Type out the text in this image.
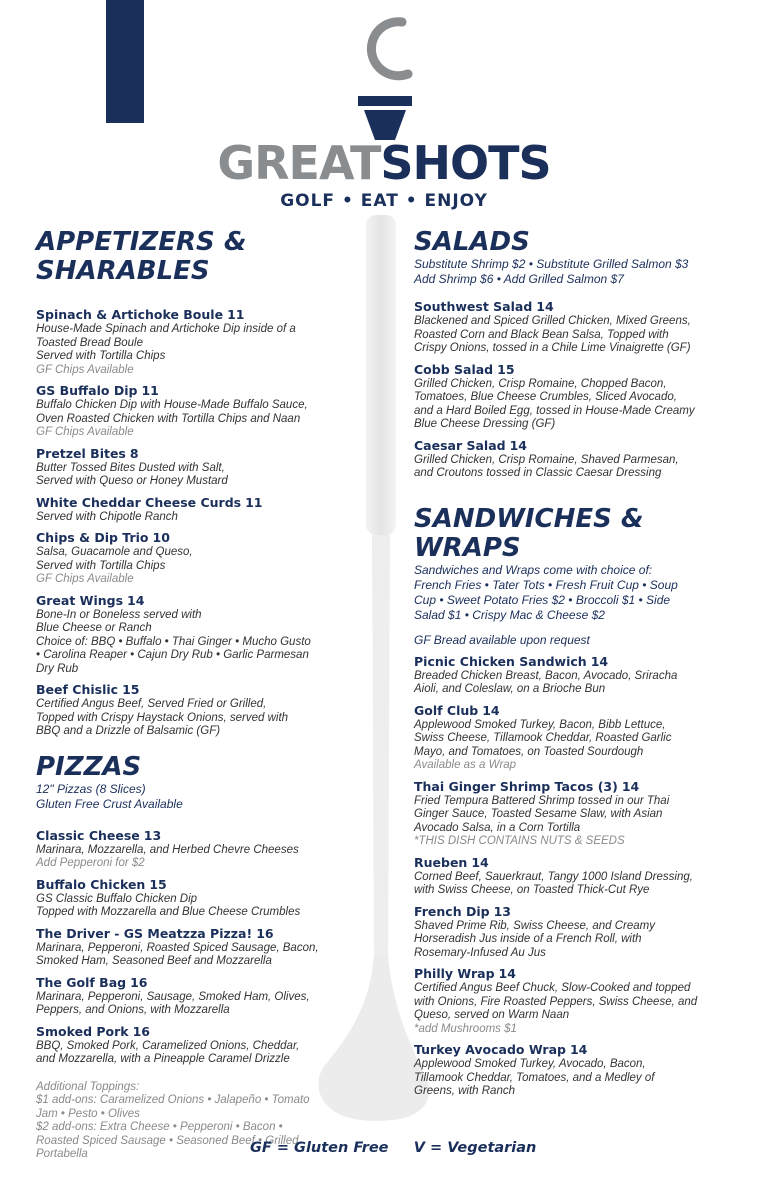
GREATSHOTS
GOLF • EAT • ENJOY
APPETIZERS &
SHARABLES
Spinach & Artichoke Boule 11
House-Made Spinach and Artichoke Dip inside of a
Toasted Bread Boule
Served with Tortilla Chips
GF Chips Available
GS Buffalo Dip 11
Buffalo Chicken Dip with House-Made Buffalo Sauce,
Oven Roasted Chicken with Tortilla Chips and Naan
GF Chips Available
Pretzel Bites 8
Butter Tossed Bites Dusted with Salt,
Served with Queso or Honey Mustard
White Cheddar Cheese Curds 11
Served with Chipotle Ranch
Chips & Dip Trio 10
Salsa, Guacamole and Queso,
Served with Tortilla Chips
GF Chips Available
Great Wings 14
Bone-In or Boneless served with
Blue Cheese or Ranch
Choice of: BBQ • Buffalo • Thai Ginger • Mucho Gusto
• Carolina Reaper • Cajun Dry Rub • Garlic Parmesan
Dry Rub
Beef Chislic 15
Certified Angus Beef, Served Fried or Grilled,
Topped with Crispy Haystack Onions, served with
BBQ and a Drizzle of Balsamic (GF)
PIZZAS
12" Pizzas (8 Slices)
Gluten Free Crust Available
Classic Cheese 13
Marinara, Mozzarella, and Herbed Chevre Cheeses
Add Pepperoni for $2
Buffalo Chicken 15
GS Classic Buffalo Chicken Dip
Topped with Mozzarella and Blue Cheese Crumbles
The Driver - GS Meatzza Pizza! 16
Marinara, Pepperoni, Roasted Spiced Sausage, Bacon,
Smoked Ham, Seasoned Beef and Mozzarella
The Golf Bag 16
Marinara, Pepperoni, Sausage, Smoked Ham, Olives,
Peppers, and Onions, with Mozzarella
Smoked Pork 16
BBQ, Smoked Pork, Caramelized Onions, Cheddar,
and Mozzarella, with a Pineapple Caramel Drizzle
Additional Toppings:
$1 add-ons: Caramelized Onions • Jalapeño • Tomato
Jam • Pesto • Olives
$2 add-ons: Extra Cheese • Pepperoni • Bacon •
Roasted Spiced Sausage • Seasoned Beef • Grilled
Portabella
SALADS
Substitute Shrimp $2 • Substitute Grilled Salmon $3
Add Shrimp $6 • Add Grilled Salmon $7
Southwest Salad 14
Blackened and Spiced Grilled Chicken, Mixed Greens,
Roasted Corn and Black Bean Salsa, Topped with
Crispy Onions, tossed in a Chile Lime Vinaigrette (GF)
Cobb Salad 15
Grilled Chicken, Crisp Romaine, Chopped Bacon,
Tomatoes, Blue Cheese Crumbles, Sliced Avocado,
and a Hard Boiled Egg, tossed in House-Made Creamy
Blue Cheese Dressing (GF)
Caesar Salad 14
Grilled Chicken, Crisp Romaine, Shaved Parmesan,
and Croutons tossed in Classic Caesar Dressing
SANDWICHES &
WRAPS
Sandwiches and Wraps come with choice of:
French Fries • Tater Tots • Fresh Fruit Cup • Soup
Cup • Sweet Potato Fries $2 • Broccoli $1 • Side
Salad $1 • Crispy Mac & Cheese $2
GF Bread available upon request
Picnic Chicken Sandwich 14
Breaded Chicken Breast, Bacon, Avocado, Sriracha
Aioli, and Coleslaw, on a Brioche Bun
Golf Club 14
Applewood Smoked Turkey, Bacon, Bibb Lettuce,
Swiss Cheese, Tillamook Cheddar, Roasted Garlic
Mayo, and Tomatoes, on Toasted Sourdough
Available as a Wrap
Thai Ginger Shrimp Tacos (3) 14
Fried Tempura Battered Shrimp tossed in our Thai
Ginger Sauce, Toasted Sesame Slaw, with Asian
Avocado Salsa, in a Corn Tortilla
*THIS DISH CONTAINS NUTS & SEEDS
Rueben 14
Corned Beef, Sauerkraut, Tangy 1000 Island Dressing,
with Swiss Cheese, on Toasted Thick-Cut Rye
French Dip 13
Shaved Prime Rib, Swiss Cheese, and Creamy
Horseradish Jus inside of a French Roll, with
Rosemary-Infused Au Jus
Philly Wrap 14
Certified Angus Beef Chuck, Slow-Cooked and topped
with Onions, Fire Roasted Peppers, Swiss Cheese, and
Queso, served on Warm Naan
*add Mushrooms $1
Turkey Avocado Wrap 14
Applewood Smoked Turkey, Avocado, Bacon,
Tillamook Cheddar, Tomatoes, and a Medley of
Greens, with Ranch
GF = Gluten Free     V = Vegetarian
